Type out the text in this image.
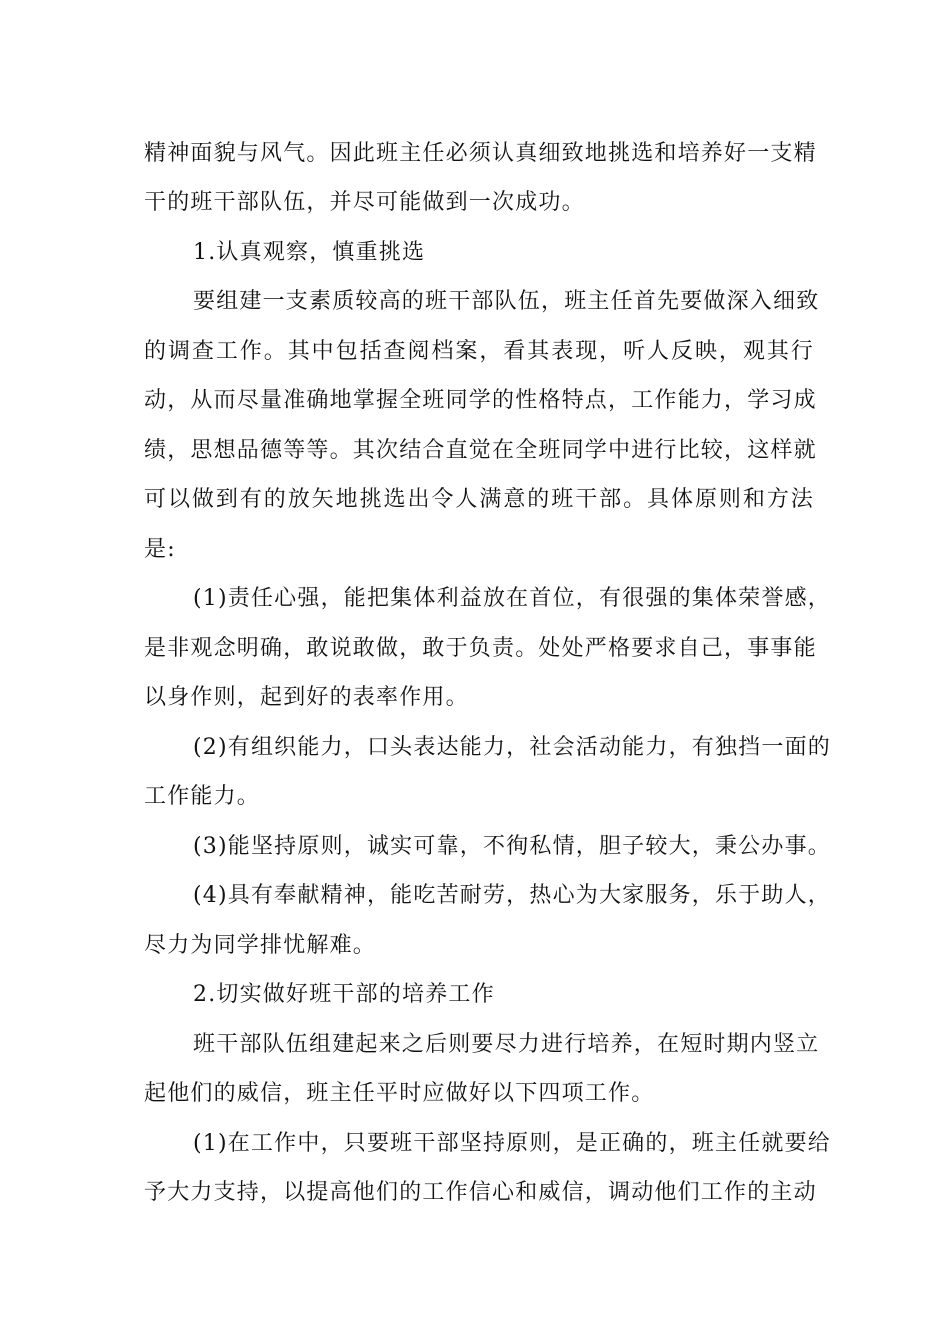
精神面貌与风气。因此班主任必须认真细致地挑选和培养好一支精
干的班干部队伍，并尽可能做到一次成功。
1.认真观察，慎重挑选
要组建一支素质较高的班干部队伍，班主任首先要做深入细致
的调查工作。其中包括查阅档案，看其表现，听人反映，观其行
动，从而尽量准确地掌握全班同学的性格特点，工作能力，学习成
绩，思想品德等等。其次结合直觉在全班同学中进行比较，这样就
可以做到有的放矢地挑选出令人满意的班干部。具体原则和方法
是:
(1)责任心强，能把集体利益放在首位，有很强的集体荣誉感，
是非观念明确，敢说敢做，敢于负责。处处严格要求自己，事事能
以身作则，起到好的表率作用。
(2)有组织能力，口头表达能力，社会活动能力，有独挡一面的
工作能力。
(3)能坚持原则，诚实可靠，不徇私情，胆子较大，秉公办事。
(4)具有奉献精神，能吃苦耐劳，热心为大家服务，乐于助人，
尽力为同学排忧解难。
2.切实做好班干部的培养工作
班干部队伍组建起来之后则要尽力进行培养，在短时期内竖立
起他们的威信，班主任平时应做好以下四项工作。
(1)在工作中，只要班干部坚持原则，是正确的，班主任就要给
予大力支持，以提高他们的工作信心和威信，调动他们工作的主动
